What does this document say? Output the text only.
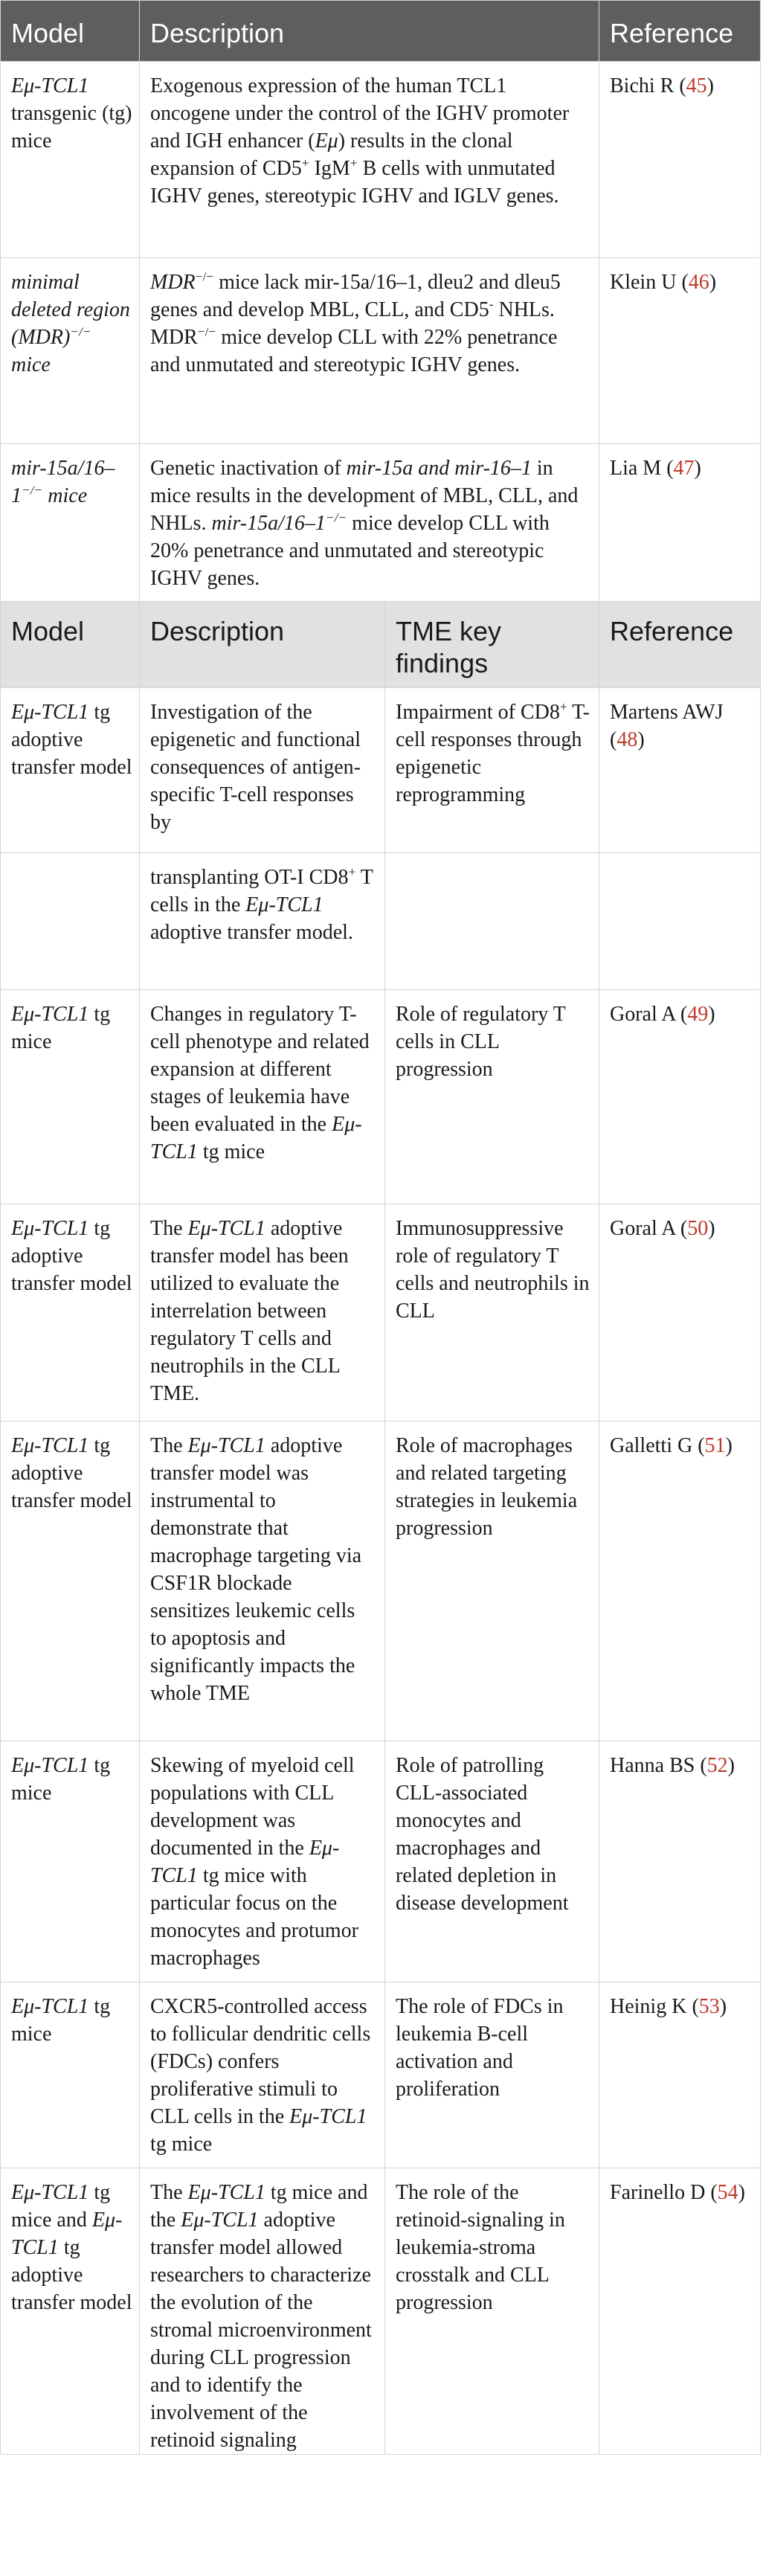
Model	Description	Reference
Eμ-TCL1 transgenic (tg) mice	Exogenous expression of the human TCL1 oncogene under the control of the IGHV promoter and IGH enhancer (Eμ) results in the clonal expansion of CD5+ IgM+ B cells with unmutated IGHV genes, stereotypic IGHV and IGLV genes.	Bichi R (45)
minimal deleted region (MDR)−/− mice	MDR−/− mice lack mir-15a/16–1, dleu2 and dleu5 genes and develop MBL, CLL, and CD5- NHLs. MDR−/− mice develop CLL with 22% penetrance and unmutated and stereotypic IGHV genes.	Klein U (46)
mir-15a/16–1−/− mice	Genetic inactivation of mir-15a and mir-16–1 in mice results in the development of MBL, CLL, and NHLs. mir-15a/16–1−/− mice develop CLL with 20% penetrance and unmutated and stereotypic IGHV genes.	Lia M (47)
Model	Description	TME key findings	Reference
Eμ-TCL1 tg adoptive transfer model	Investigation of the epigenetic and functional consequences of antigen-specific T-cell responses by	Impairment of CD8+ T-cell responses through epigenetic reprogramming	Martens AWJ (48)
	transplanting OT-I CD8+ T cells in the Eμ-TCL1 adoptive transfer model.		
Eμ-TCL1 tg mice	Changes in regulatory T-cell phenotype and related expansion at different stages of leukemia have been evaluated in the Eμ-TCL1 tg mice	Role of regulatory T cells in CLL progression	Goral A (49)
Eμ-TCL1 tg adoptive transfer model	The Eμ-TCL1 adoptive transfer model has been utilized to evaluate the interrelation between regulatory T cells and neutrophils in the CLL TME.	Immunosuppressive role of regulatory T cells and neutrophils in CLL	Goral A (50)
Eμ-TCL1 tg adoptive transfer model	The Eμ-TCL1 adoptive transfer model was instrumental to demonstrate that macrophage targeting via CSF1R blockade sensitizes leukemic cells to apoptosis and significantly impacts the whole TME	Role of macrophages and related targeting strategies in leukemia progression	Galletti G (51)
Eμ-TCL1 tg mice	Skewing of myeloid cell populations with CLL development was documented in the Eμ-TCL1 tg mice with particular focus on the monocytes and protumor macrophages	Role of patrolling CLL-associated monocytes and macrophages and related depletion in disease development	Hanna BS (52)
Eμ-TCL1 tg mice	CXCR5-controlled access to follicular dendritic cells (FDCs) confers proliferative stimuli to CLL cells in the Eμ-TCL1 tg mice	The role of FDCs in leukemia B-cell activation and proliferation	Heinig K (53)
Eμ-TCL1 tg mice and Eμ-TCL1 tg adoptive transfer model	The Eμ-TCL1 tg mice and the Eμ-TCL1 adoptive transfer model allowed researchers to characterize the evolution of the stromal microenvironment during CLL progression and to identify the involvement of the retinoid signaling	The role of the retinoid-signaling in leukemia-stroma crosstalk and CLL progression	Farinello D (54)
